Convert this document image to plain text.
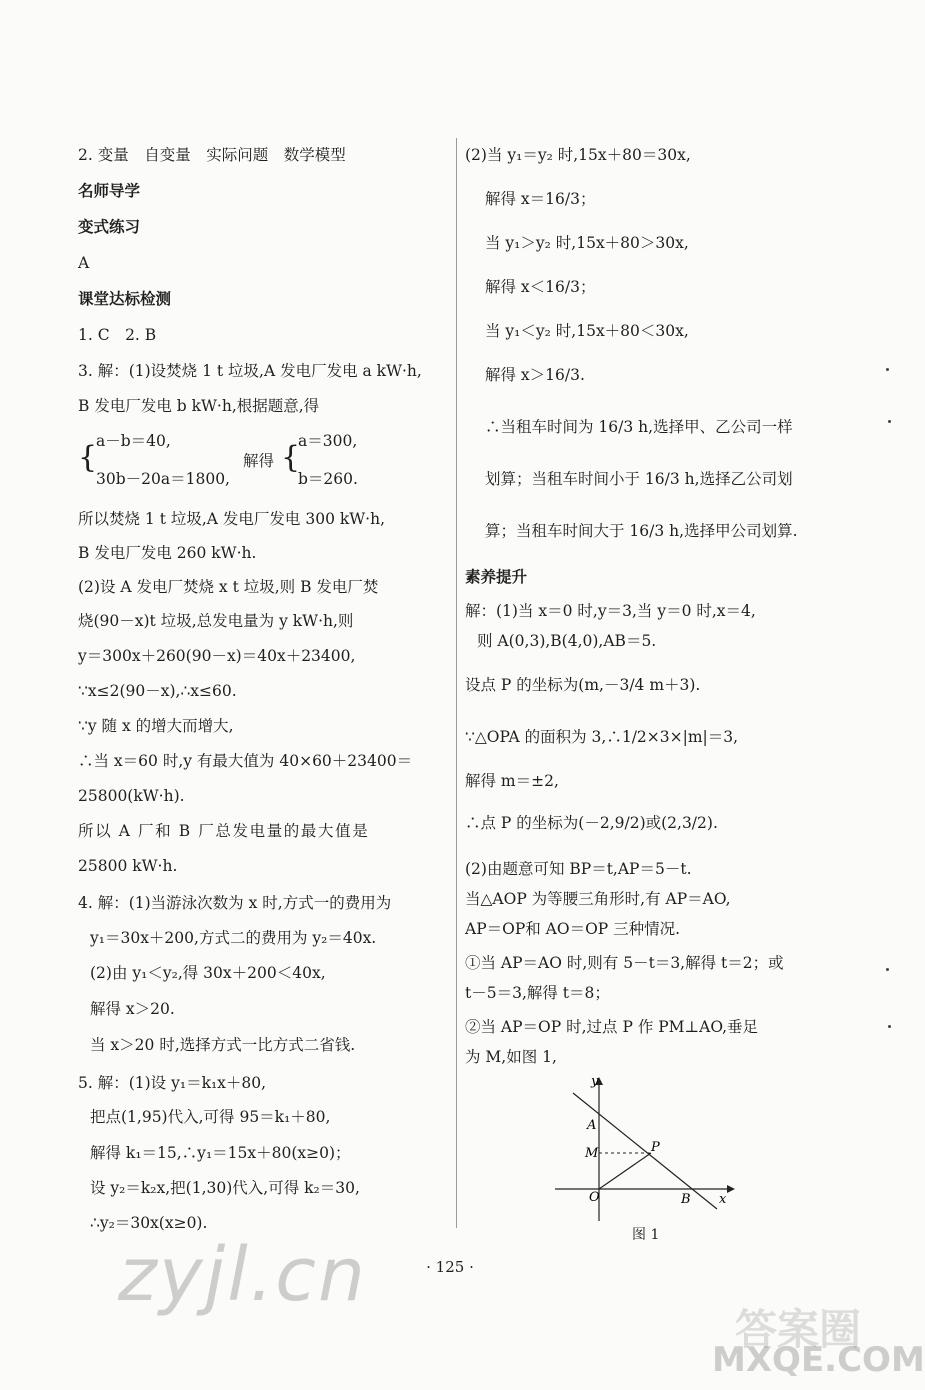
2. 变量　自变量　实际问题　数学模型
名师导学
变式练习
A
课堂达标检测
1. C　2. B
3. 解：(1)设焚烧 1 t 垃圾,A 发电厂发电 a kW·h,
B 发电厂发电 b kW·h,根据题意,得
{
a－b＝40,
30b－20a＝1800,
解得 {
a＝300,
b＝260.
所以焚烧 1 t 垃圾,A 发电厂发电 300 kW·h,
B 发电厂发电 260 kW·h.
(2)设 A 发电厂焚烧 x t 垃圾,则 B 发电厂焚
烧(90－x)t 垃圾,总发电量为 y kW·h,则
y＝300x＋260(90－x)＝40x＋23400,
∵x≤2(90－x),∴x≤60.
∵y 随 x 的增大而增大,
∴当 x＝60 时,y 有最大值为 40×60＋23400＝
25800(kW·h).
所以 A 厂和 B 厂总发电量的最大值是
25800 kW·h.
4. 解：(1)当游泳次数为 x 时,方式一的费用为
y₁＝30x＋200,方式二的费用为 y₂＝40x.
(2)由 y₁＜y₂,得 30x＋200＜40x,
解得 x＞20.
当 x＞20 时,选择方式一比方式二省钱.
5. 解：(1)设 y₁＝k₁x＋80,
把点(1,95)代入,可得 95＝k₁＋80,
解得 k₁＝15,∴y₁＝15x＋80(x≥0)；
设 y₂＝k₂x,把(1,30)代入,可得 k₂＝30,
∴y₂＝30x(x≥0).
(2)当 y₁＝y₂ 时,15x＋80＝30x,
解得 x＝16/3；
当 y₁＞y₂ 时,15x＋80＞30x,
解得 x＜16/3；
当 y₁＜y₂ 时,15x＋80＜30x,
解得 x＞16/3.
∴当租车时间为 16/3 h,选择甲、乙公司一样
划算；当租车时间小于 16/3 h,选择乙公司划
算；当租车时间大于 16/3 h,选择甲公司划算.
素养提升
解：(1)当 x＝0 时,y＝3,当 y＝0 时,x＝4,
则 A(0,3),B(4,0),AB＝5.
设点 P 的坐标为(m,－3/4 m＋3).
∵△OPA 的面积为 3,∴1/2×3×|m|＝3,
解得 m＝±2,
∴点 P 的坐标为(－2,9/2)或(2,3/2).
(2)由题意可知 BP＝t,AP＝5－t.
当△AOP 为等腰三角形时,有 AP＝AO,
AP＝OP和 AO＝OP 三种情况.
①当 AP＝AO 时,则有 5－t＝3,解得 t＝2；或
t－5＝3,解得 t＝8；
②当 AP＝OP 时,过点 P 作 PM⊥AO,垂足
为 M,如图 1,
y
x
A
M	P
O	B
图 1
· 125 ·
zyjl.cn
答案圈
MXQE.COM
